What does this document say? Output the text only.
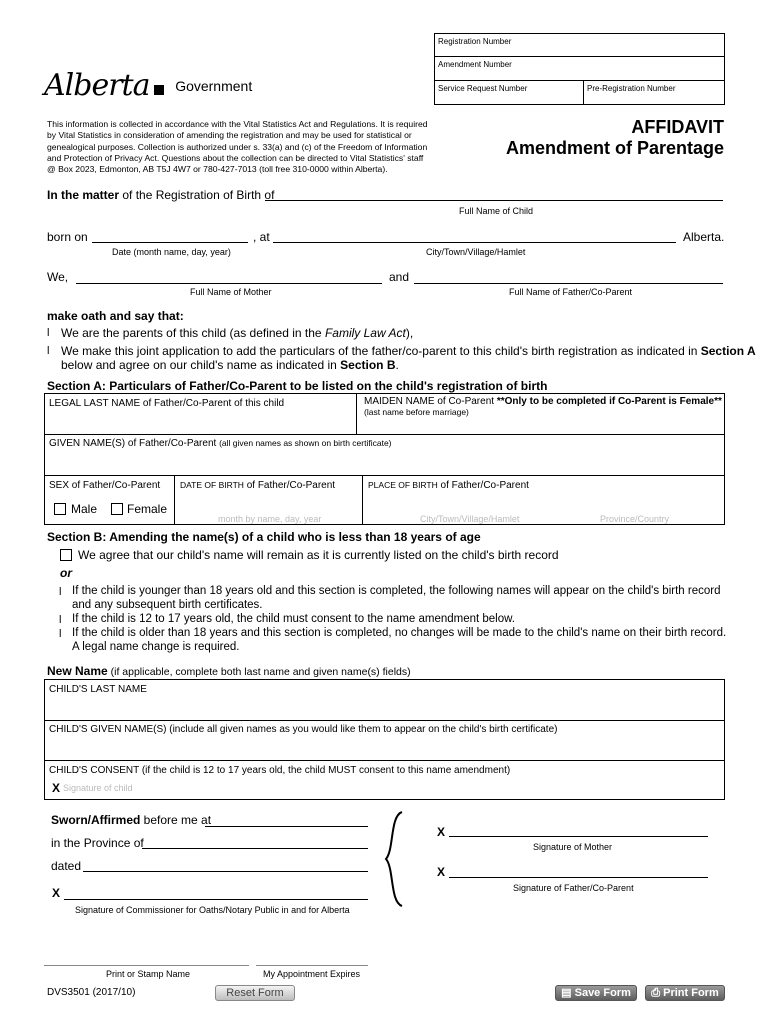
Registration Number
Amendment Number
Service Request Number	Pre-Registration Number
Alberta Government
This information is collected in accordance with the Vital Statistics Act and Regulations. It is required
by Vital Statistics in consideration of amending the registration and may be used for statistical or
genealogical purposes. Collection is authorized under s. 33(a) and (c) of the Freedom of Information
and Protection of Privacy Act. Questions about the collection can be directed to Vital Statistics' staff
@ Box 2023, Edmonton, AB T5J 4W7 or 780-427-7013 (toll free 310-0000 within Alberta).
AFFIDAVIT
Amendment of Parentage
In the matter of the Registration of Birth of
Full Name of Child
born on	, at	Alberta.
Date (month name, day, year)	City/Town/Village/Hamlet
We,	and
Full Name of Mother	Full Name of Father/Co-Parent
make oath and say that:
l We are the parents of this child (as defined in the Family Law Act),
l We make this joint application to add the particulars of the father/co-parent to this child's birth registration as indicated in Section A
below and agree on our child's name as indicated in Section B.
Section A: Particulars of Father/Co-Parent to be listed on the child's registration of birth
LEGAL LAST NAME of Father/Co-Parent of this child	MAIDEN NAME of Co-Parent **Only to be completed if Co-Parent is Female**
(last name before marriage)
GIVEN NAME(S) of Father/Co-Parent (all given names as shown on birth certificate)
SEX of Father/Co-Parent
Male Female
DATE OF BIRTH of Father/Co-Parent
month by name, day, year
PLACE OF BIRTH of Father/Co-Parent
City/Town/Village/Hamlet	Province/Country
Section B: Amending the name(s) of a child who is less than 18 years of age
We agree that our child's name will remain as it is currently listed on the child's birth record
or
l If the child is younger than 18 years old and this section is completed, the following names will appear on the child's birth record
and any subsequent birth certificates.
l If the child is 12 to 17 years old, the child must consent to the name amendment below.
l If the child is older than 18 years and this section is completed, no changes will be made to the child's name on their birth record.
A legal name change is required.
New Name (if applicable, complete both last name and given name(s) fields)
CHILD'S LAST NAME
CHILD'S GIVEN NAME(S) (include all given names as you would like them to appear on the child's birth certificate)
CHILD'S CONSENT (if the child is 12 to 17 years old, the child MUST consent to this name amendment)
X Signature of child
Sworn/Affirmed before me at
in the Province of
dated
X
Signature of Commissioner for Oaths/Notary Public in and for Alberta
X
Signature of Mother
X
Signature of Father/Co-Parent
Print or Stamp Name	My Appointment Expires
DVS3501 (2017/10)	Reset Form	▤ Save Form	⎙ Print Form
